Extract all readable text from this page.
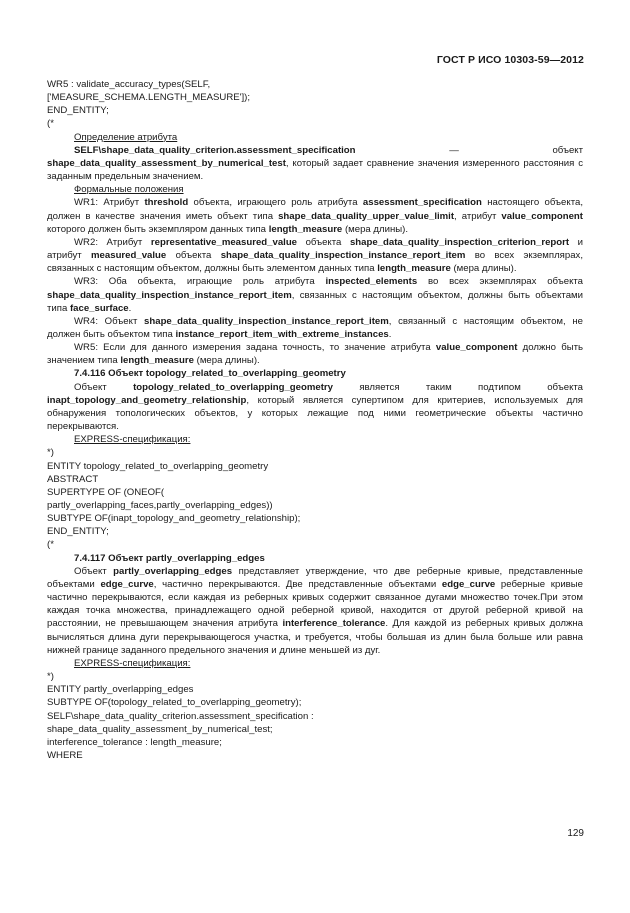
ГОСТ Р ИСО 10303-59—2012
WR5 : validate_accuracy_types(SELF,
['MEASURE_SCHEMA.LENGTH_MEASURE']);
END_ENTITY;
(*
Определение атрибута

SELF\shape_data_quality_criterion.assessment_specification — объект shape_data_quality_assessment_by_numerical_test, который задает сравнение значения измеренного расстояния с заданным предельным значением.

Формальные положения

WR1: Атрибут threshold объекта, играющего роль атрибута assessment_specification настоящего объекта, должен в качестве значения иметь объект типа shape_data_quality_upper_value_limit, атрибут value_component которого должен быть экземпляром данных типа length_measure (мера длины).

WR2: Атрибут representative_measured_value объекта shape_data_quality_inspection_criterion_report и атрибут measured_value объекта shape_data_quality_inspection_instance_report_item во всех экземплярах, связанных с настоящим объектом, должны быть элементом данных типа length_measure (мера длины).

WR3: Оба объекта, играющие роль атрибута inspected_elements во всех экземплярах объекта shape_data_quality_inspection_instance_report_item, связанных с настоящим объектом, должны быть объектами типа face_surface.

WR4: Объект shape_data_quality_inspection_instance_report_item, связанный с настоящим объектом, не должен быть объектом типа instance_report_item_with_extreme_instances.

WR5: Если для данного измерения задана точность, то значение атрибута value_component должно быть значением типа length_measure (мера длины).

7.4.116 Объект topology_related_to_overlapping_geometry

Объект topology_related_to_overlapping_geometry является таким подтипом объекта inapt_topology_and_geometry_relationship, который является супертипом для критериев, используемых для обнаружения топологических объектов, у которых лежащие под ними геометрические объекты частично перекрываются.

EXPRESS-спецификация:
*)
ENTITY topology_related_to_overlapping_geometry
ABSTRACT
SUPERTYPE OF (ONEOF(
partly_overlapping_faces,partly_overlapping_edges))
SUBTYPE OF(inapt_topology_and_geometry_relationship);
END_ENTITY;
(*
7.4.117 Объект partly_overlapping_edges

Объект partly_overlapping_edges представляет утверждение, что две реберные кривые, представленные объектами edge_curve, частично перекрываются. Две представленные объектами edge_curve реберные кривые частично перекрываются, если каждая из реберных кривых содержит связанное дугами множество точек.При этом каждая точка множества, принадлежащего одной реберной кривой, находится от другой реберной кривой на расстоянии, не превышающем значения атрибута interference_tolerance. Для каждой из реберных кривых должна вычисляться длина дуги перекрывающегося участка, и требуется, чтобы большая из длин была больше или равна нижней границе заданного предельного значения и длине меньшей из дуг.

EXPRESS-спецификация:
*)
ENTITY partly_overlapping_edges
SUBTYPE OF(topology_related_to_overlapping_geometry);
SELF\shape_data_quality_criterion.assessment_specification :
shape_data_quality_assessment_by_numerical_test;
interference_tolerance : length_measure;
WHERE
129
